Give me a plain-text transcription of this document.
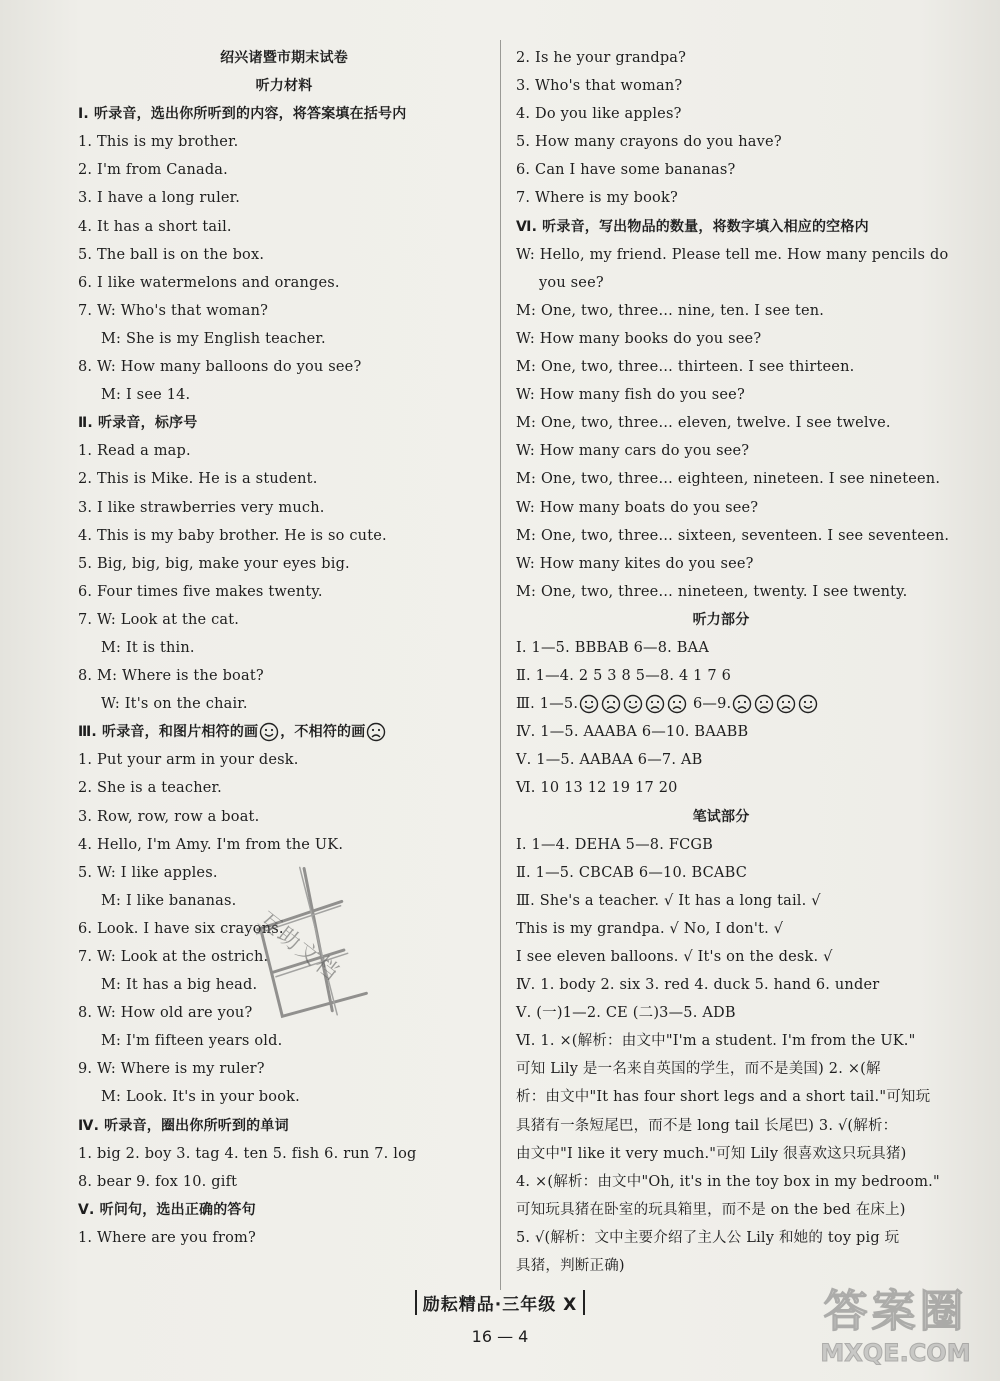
绍兴诸暨市期末试卷
听力材料
Ⅰ. 听录音，选出你所听到的内容，将答案填在括号内
1. This is my brother.
2. I'm from Canada.
3. I have a long ruler.
4. It has a short tail.
5. The ball is on the box.
6. I like watermelons and oranges.
7. W: Who's that woman?
M: She is my English teacher.
8. W: How many balloons do you see?
M: I see 14.
Ⅱ. 听录音，标序号
1. Read a map.
2. This is Mike. He is a student.
3. I like strawberries very much.
4. This is my baby brother. He is so cute.
5. Big, big, big, make your eyes big.
6. Four times five makes twenty.
7. W: Look at the cat.
M: It is thin.
8. M: Where is the boat?
W: It's on the chair.
Ⅲ. 听录音，和图片相符的画 ，不相符的画
1. Put your arm in your desk.
2. She is a teacher.
3. Row, row, row a boat.
4. Hello, I'm Amy. I'm from the UK.
5. W: I like apples.
M: I like bananas.
6. Look. I have six crayons.
7. W: Look at the ostrich.
M: It has a big head.
8. W: How old are you?
M: I'm fifteen years old.
9. W: Where is my ruler?
M: Look. It's in your book.
Ⅳ. 听录音，圈出你所听到的单词
1. big 2. boy 3. tag 4. ten 5. fish 6. run 7. log
8. bear 9. fox 10. gift
Ⅴ. 听问句，选出正确的答句
1. Where are you from?
2. Is he your grandpa?
3. Who's that woman?
4. Do you like apples?
5. How many crayons do you have?
6. Can I have some bananas?
7. Where is my book?
Ⅵ. 听录音，写出物品的数量，将数字填入相应的空格内
W: Hello, my friend. Please tell me. How many pencils do
you see?
M: One, two, three… nine, ten. I see ten.
W: How many books do you see?
M: One, two, three… thirteen. I see thirteen.
W: How many fish do you see?
M: One, two, three… eleven, twelve. I see twelve.
W: How many cars do you see?
M: One, two, three… eighteen, nineteen. I see nineteen.
W: How many boats do you see?
M: One, two, three… sixteen, seventeen. I see seventeen.
W: How many kites do you see?
M: One, two, three… nineteen, twenty. I see twenty.
听力部分
Ⅰ. 1—5. BBBAB 6—8. BAA
Ⅱ. 1—4. 2 5 3 8 5—8. 4 1 7 6
Ⅲ. 1—5.	6—9.
Ⅳ. 1—5. AAABA 6—10. BAABB
Ⅴ. 1—5. AABAA 6—7. AB
Ⅵ. 10 13 12 19 17 20
笔试部分
Ⅰ. 1—4. DEHA 5—8. FCGB
Ⅱ. 1—5. CBCAB 6—10. BCABC
Ⅲ. She's a teacher. √ It has a long tail. √
This is my grandpa. √ No, I don't. √
I see eleven balloons. √ It's on the desk. √
Ⅳ. 1. body 2. six 3. red 4. duck 5. hand 6. under
Ⅴ. (一)1—2. CE (二)3—5. ADB
Ⅵ. 1. ×(解析：由文中"I'm a student. I'm from the UK."
可知 Lily 是一名来自英国的学生，而不是美国) 2. ×(解
析：由文中"It has four short legs and a short tail."可知玩
具猪有一条短尾巴，而不是 long tail 长尾巴) 3. √(解析：
由文中"I like it very much."可知 Lily 很喜欢这只玩具猪)
4. ×(解析：由文中"Oh, it's in the toy box in my bedroom."
可知玩具猪在卧室的玩具箱里，而不是 on the bed 在床上)
5. √(解析：文中主要介绍了主人公 Lily 和她的 toy pig 玩
具猪，判断正确)
互助文档
答案圈
MXQE.COM
励耘精品·三年级 X
16 — 4
